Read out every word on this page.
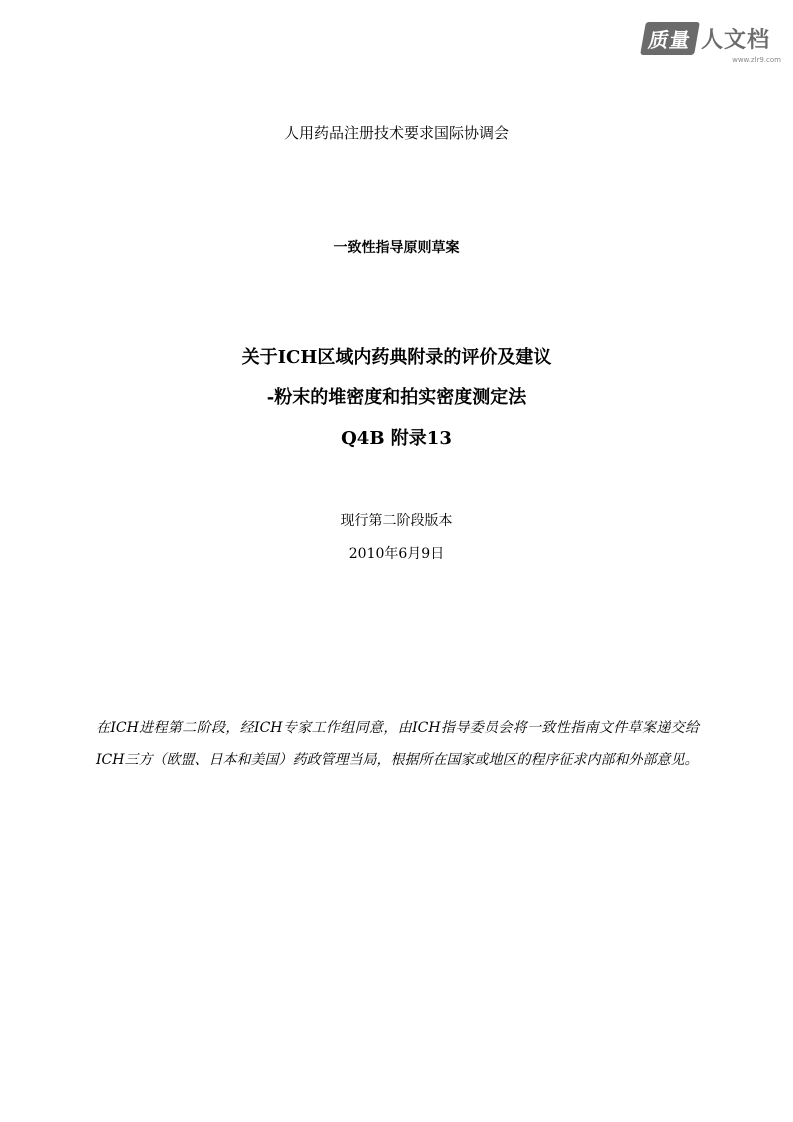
质量 人文档
www.zlr9.com
人用药品注册技术要求国际协调会
一致性指导原则草案
关于ICH区域内药典附录的评价及建议
-粉末的堆密度和拍实密度测定法
Q4B 附录13
现行第二阶段版本
2010年6月9日
在ICH进程第二阶段，经ICH专家工作组同意，由ICH指导委员会将一致性指南文件草案递交给ICH三方（欧盟、日本和美国）药政管理当局，根据所在国家或地区的程序征求内部和外部意见。
